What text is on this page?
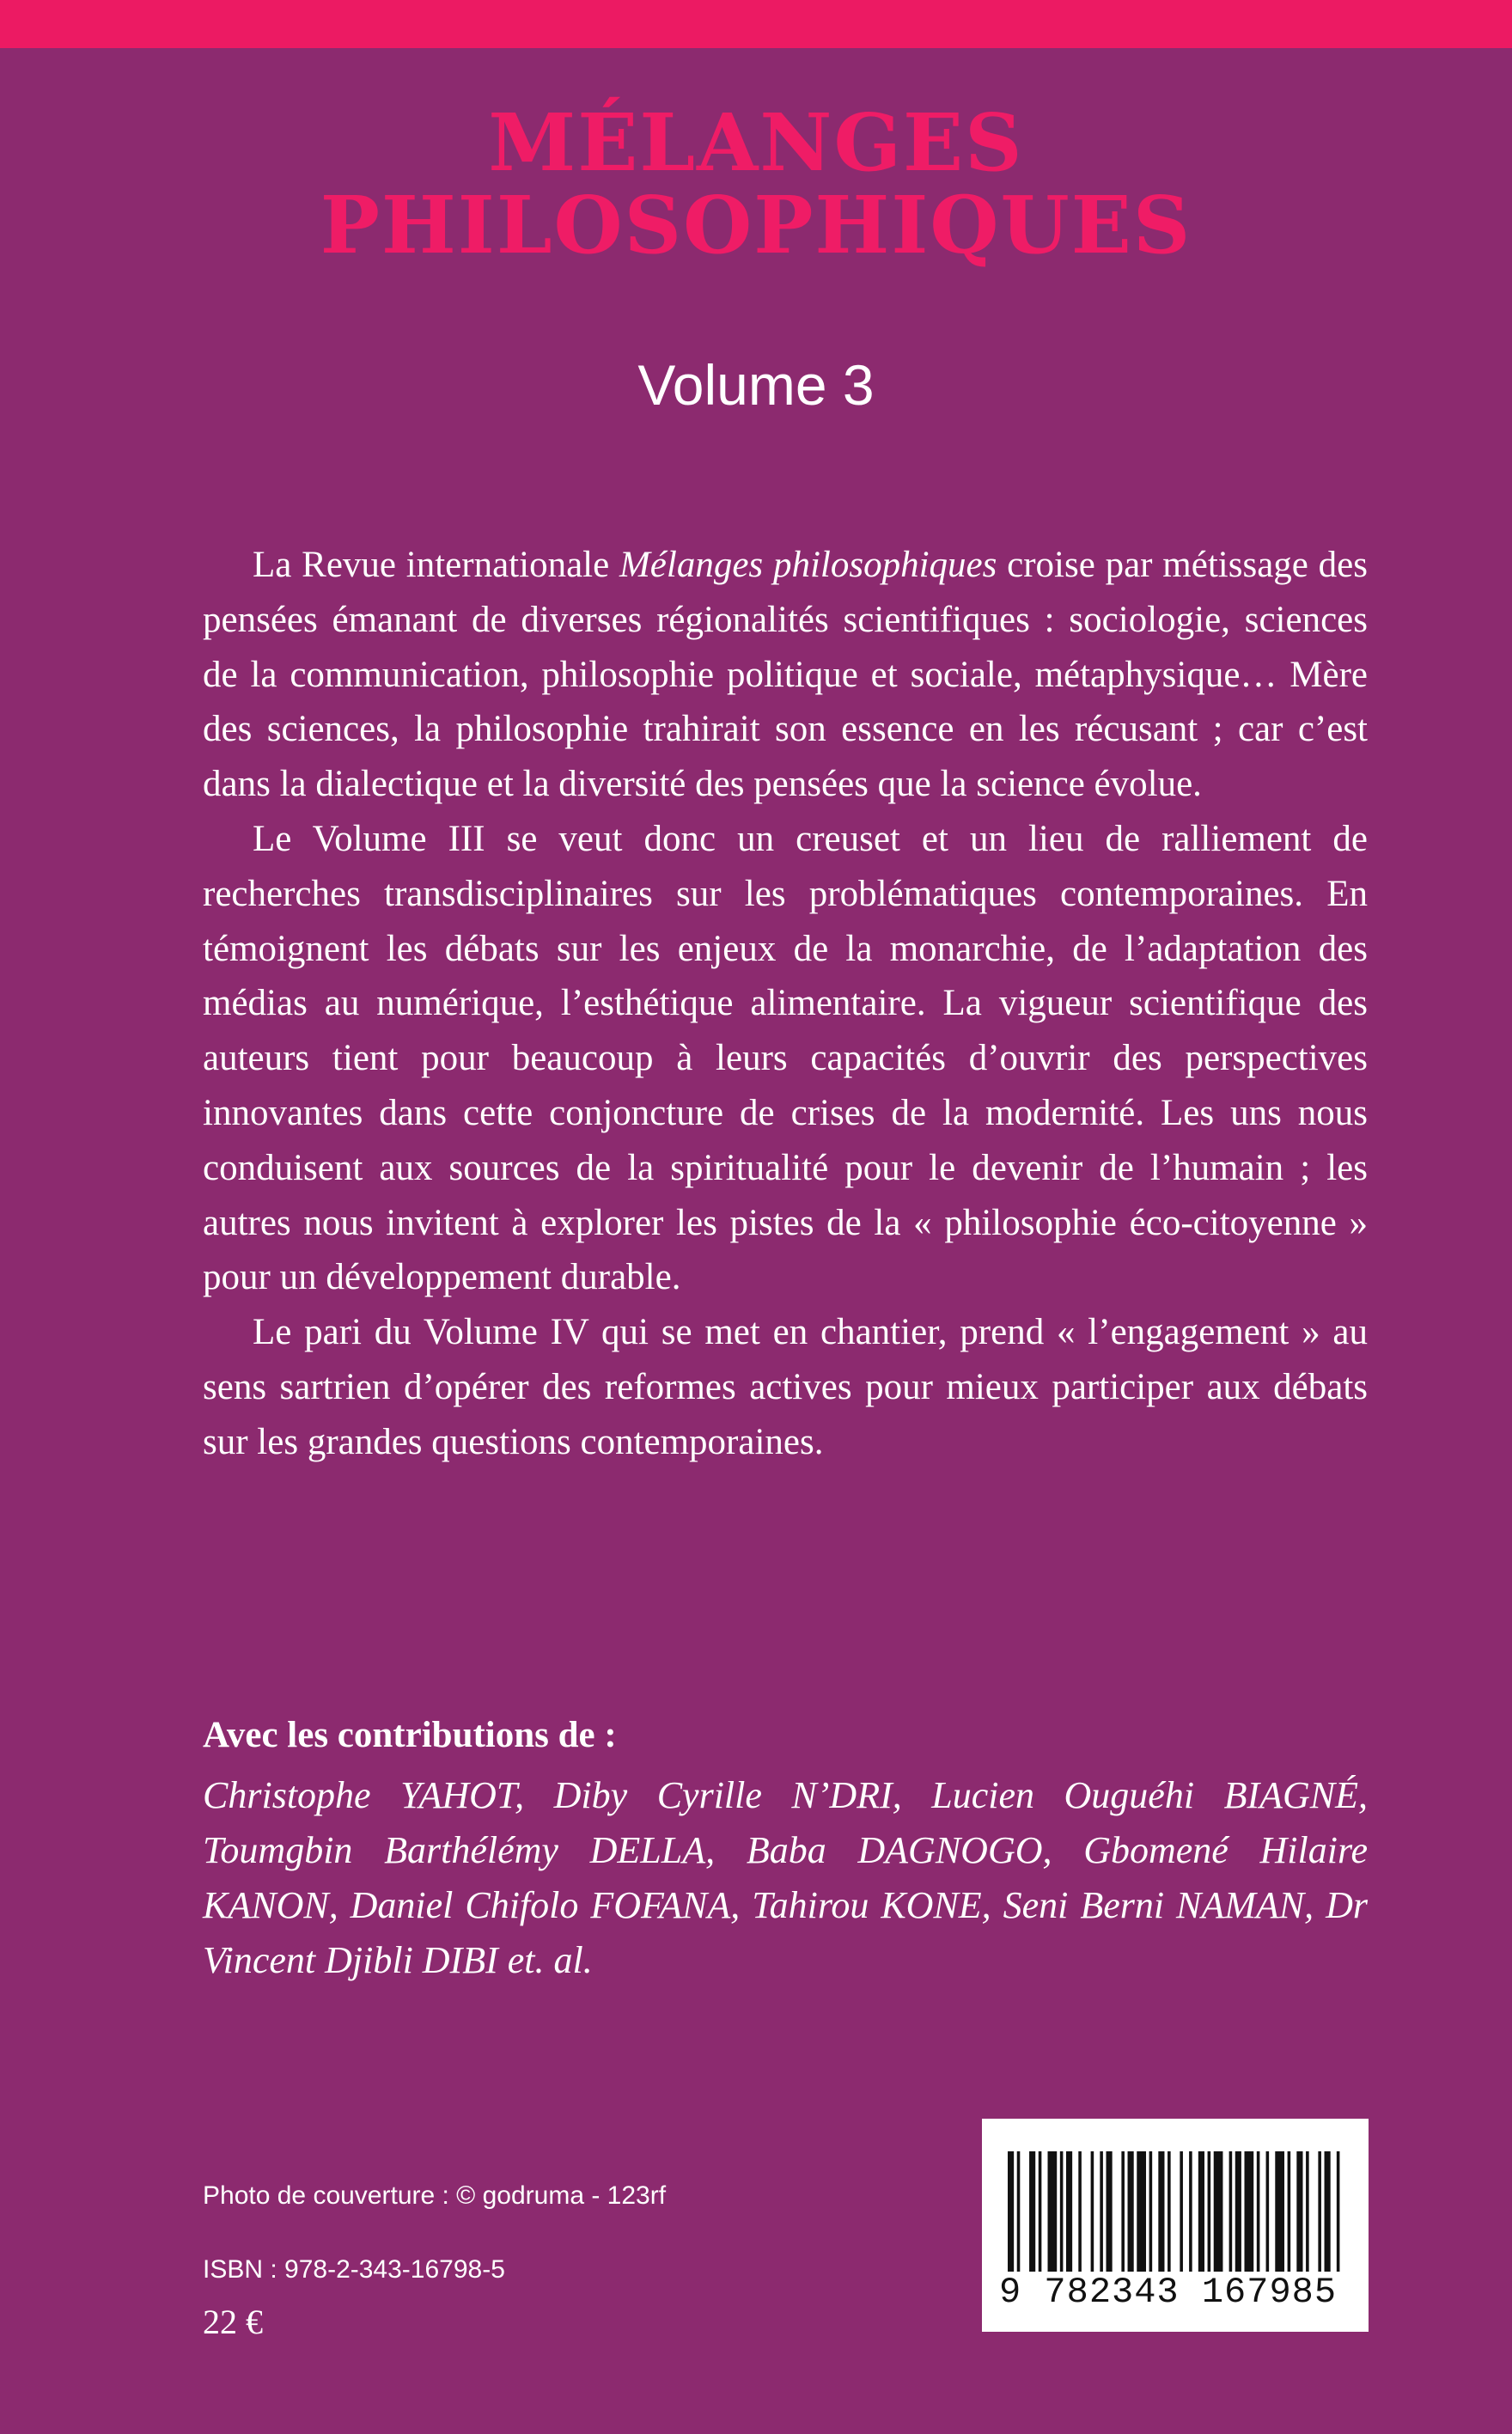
MÉLANGES
PHILOSOPHIQUES
Volume 3

La Revue internationale Mélanges philosophiques croise par métissage des pensées émanant de diverses régionalités scientifiques : sociologie, sciences de la communication, philosophie politique et sociale, métaphysique… Mère des sciences, la philosophie trahirait son essence en les récusant ; car c’est dans la dialectique et la diversité des pensées que la science évolue.

Le Volume III se veut donc un creuset et un lieu de ralliement de recherches transdisciplinaires sur les problématiques contemporaines. En témoignent les débats sur les enjeux de la monarchie, de l’adaptation des médias au numérique, l’esthétique alimentaire. La vigueur scientifique des auteurs tient pour beaucoup à leurs capacités d’ouvrir des perspectives innovantes dans cette conjoncture de crises de la modernité. Les uns nous conduisent aux sources de la spiritualité pour le devenir de l’humain ; les autres nous invitent à explorer les pistes de la « philosophie éco-citoyenne » pour un développement durable.

Le pari du Volume IV qui se met en chantier, prend « l’engagement » au sens sartrien d’opérer des reformes actives pour mieux participer aux débats sur les grandes questions contemporaines.

Avec les contributions de :
Christophe YAHOT, Diby Cyrille N’DRI, Lucien Ouguéhi BIAGNÉ, Toumgbin Barthélémy DELLA, Baba DAGNOGO, Gbomené Hilaire KANON, Daniel Chifolo FOFANA, Tahirou KONE, Seni Berni NAMAN, Dr Vincent Djibli DIBI et. al.
Photo de couverture : © godruma - 123rf
ISBN : 978-2-343-16798-5
22 €
9 782343 167985
